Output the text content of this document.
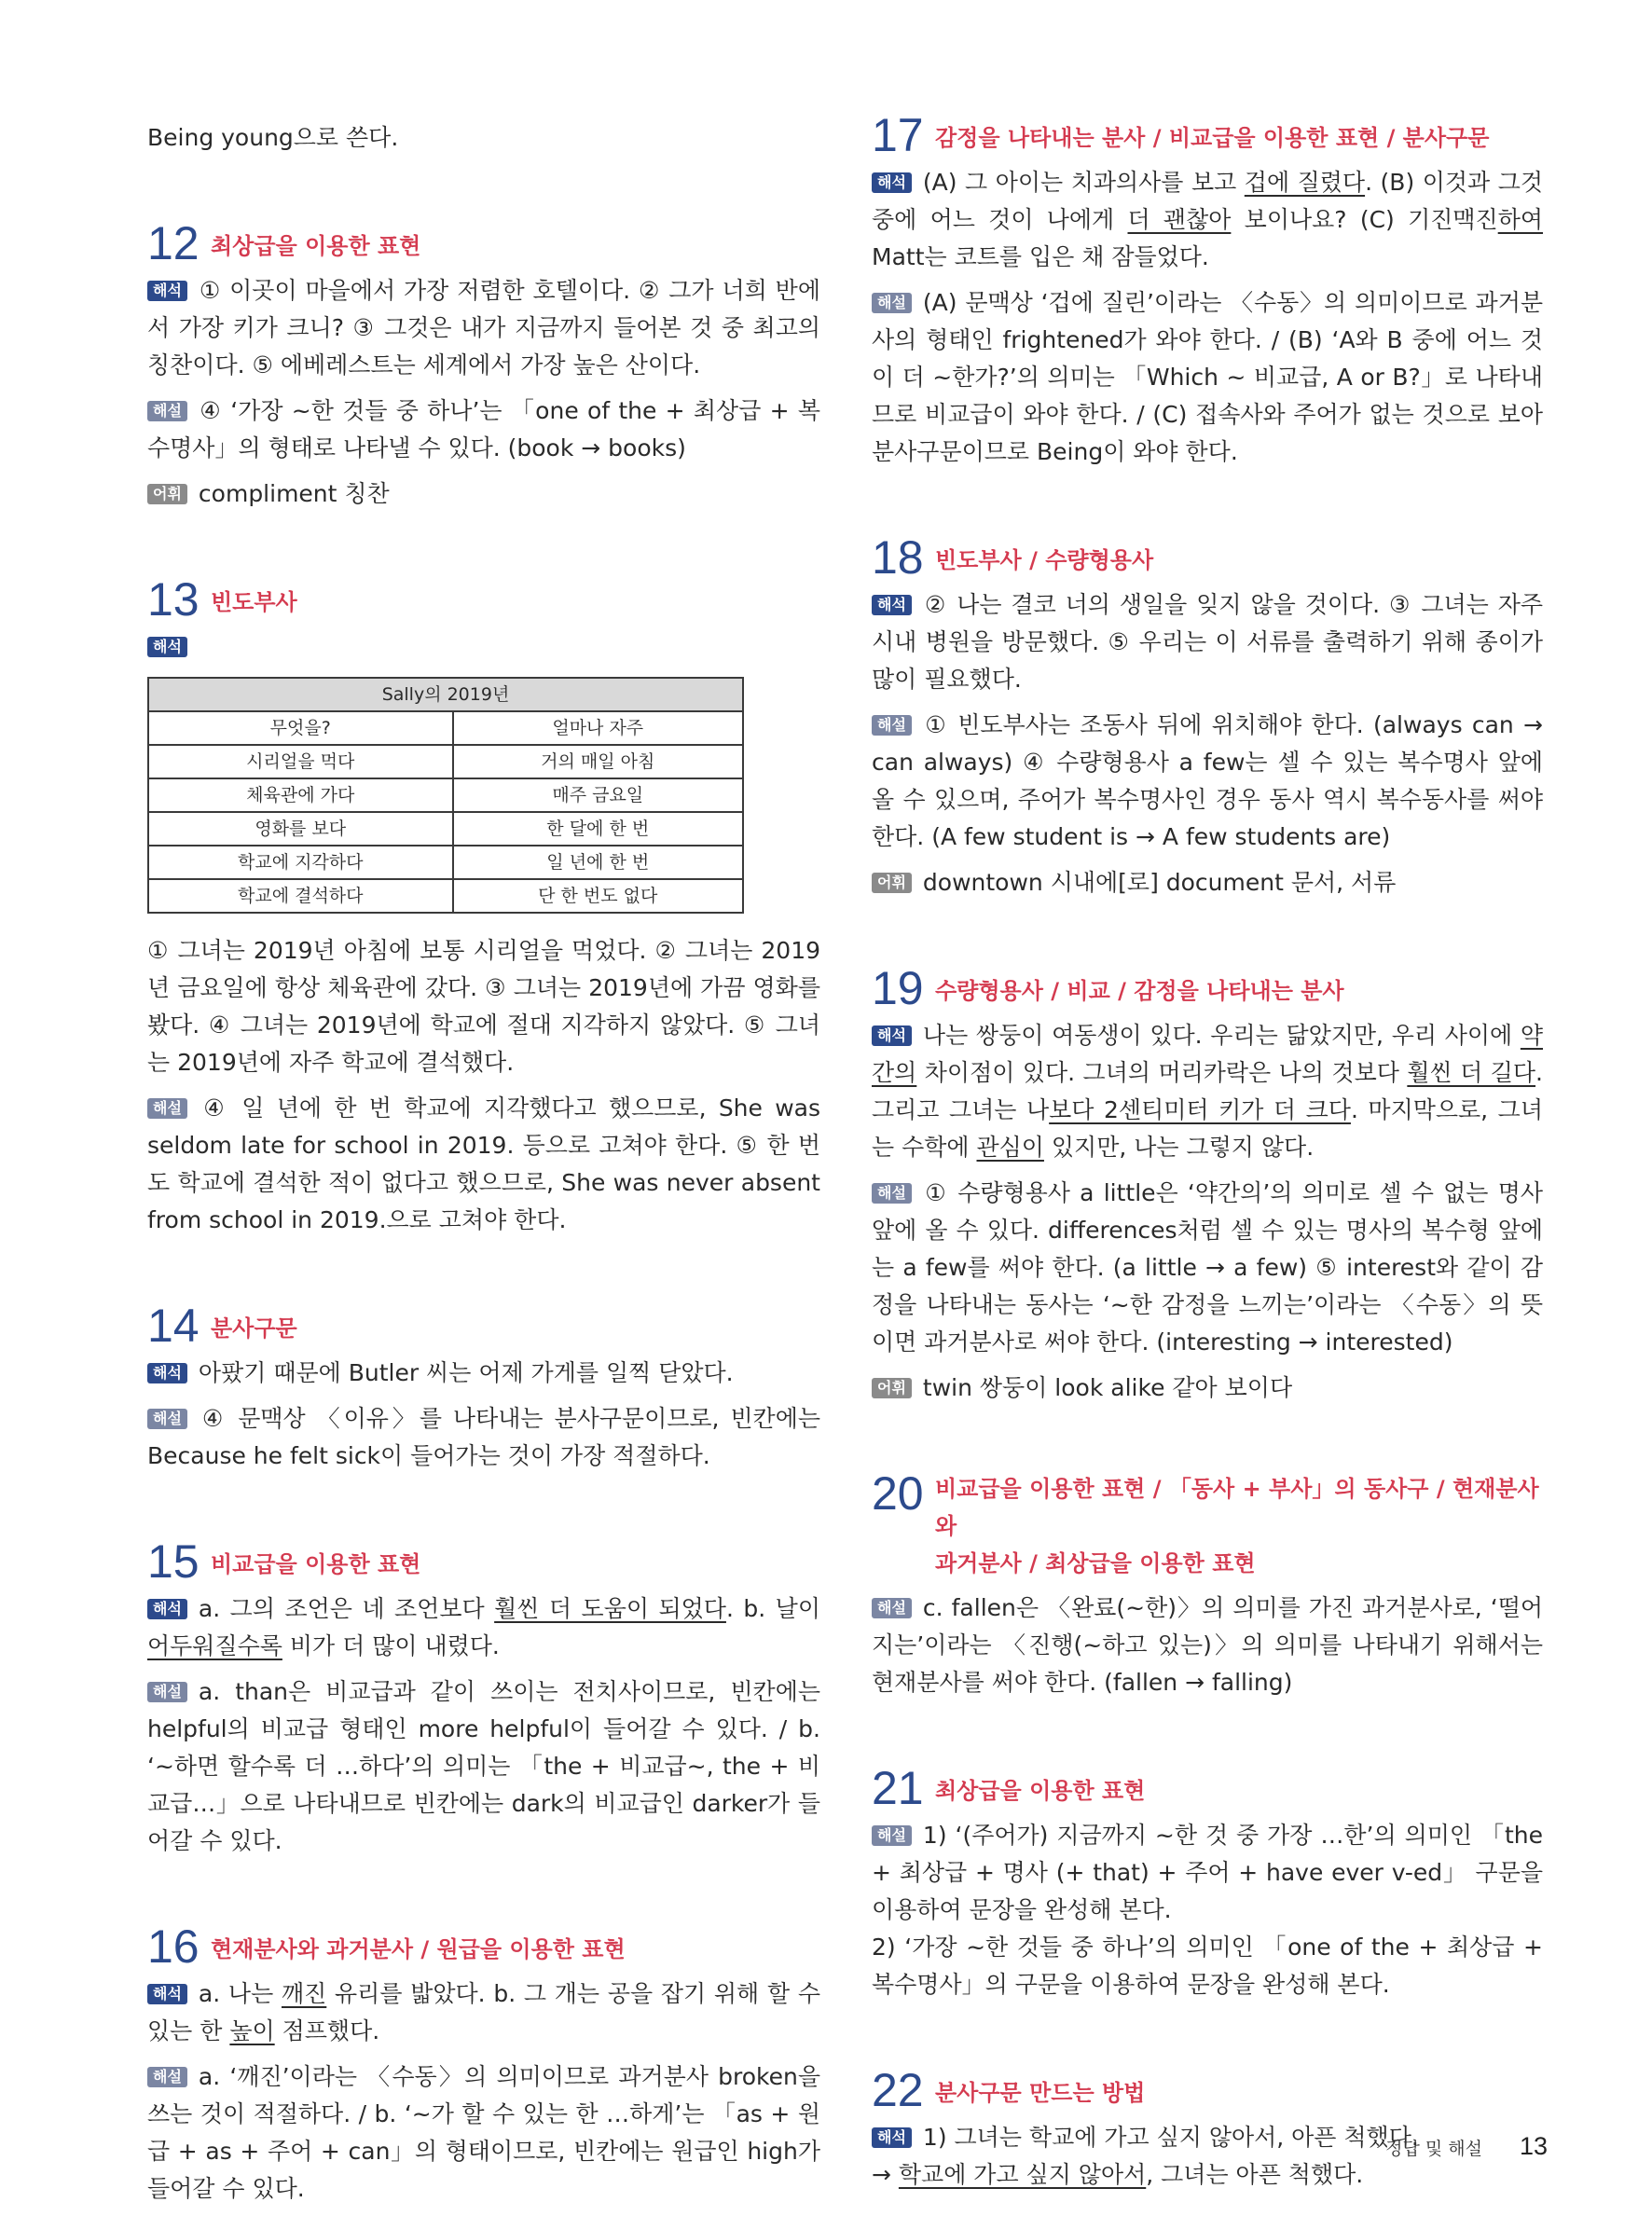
Being young으로 쓴다.

12 최상급을 이용한 표현

해석 ① 이곳이 마을에서 가장 저렴한 호텔이다. ② 그가 너희 반에서 가장 키가 크니? ③ 그것은 내가 지금까지 들어본 것 중 최고의 칭찬이다. ⑤ 에베레스트는 세계에서 가장 높은 산이다.

해설 ④ ‘가장 ~한 것들 중 하나’는 「one of the + 최상급 + 복수명사」의 형태로 나타낼 수 있다. (book → books)

어휘 compliment 칭찬

13 빈도부사

해석

Sally의 2019년	
무엇을?	얼마나 자주
시리얼을 먹다	거의 매일 아침
체육관에 가다	매주 금요일
영화를 보다	한 달에 한 번
학교에 지각하다	일 년에 한 번
학교에 결석하다	단 한 번도 없다

① 그녀는 2019년 아침에 보통 시리얼을 먹었다. ② 그녀는 2019년 금요일에 항상 체육관에 갔다. ③ 그녀는 2019년에 가끔 영화를 봤다. ④ 그녀는 2019년에 학교에 절대 지각하지 않았다. ⑤ 그녀는 2019년에 자주 학교에 결석했다.

해설 ④ 일 년에 한 번 학교에 지각했다고 했으므로, She was seldom late for school in 2019. 등으로 고쳐야 한다. ⑤ 한 번도 학교에 결석한 적이 없다고 했으므로, She was never absent from school in 2019.으로 고쳐야 한다.

14 분사구문

해석 아팠기 때문에 Butler 씨는 어제 가게를 일찍 닫았다.

해설 ④ 문맥상 〈이유〉를 나타내는 분사구문이므로, 빈칸에는 Because he felt sick이 들어가는 것이 가장 적절하다.

15 비교급을 이용한 표현

해석 a. 그의 조언은 네 조언보다 훨씬 더 도움이 되었다. b. 날이 어두워질수록 비가 더 많이 내렸다.

해설 a. than은 비교급과 같이 쓰이는 전치사이므로, 빈칸에는 helpful의 비교급 형태인 more helpful이 들어갈 수 있다. / b. ‘~하면 할수록 더 …하다’의 의미는 「the + 비교급~, the + 비교급…」으로 나타내므로 빈칸에는 dark의 비교급인 darker가 들어갈 수 있다.

16 현재분사와 과거분사 / 원급을 이용한 표현

해석 a. 나는 깨진 유리를 밟았다. b. 그 개는 공을 잡기 위해 할 수 있는 한 높이 점프했다.

해설 a. ‘깨진’이라는 〈수동〉의 의미이므로 과거분사 broken을 쓰는 것이 적절하다. / b. ‘~가 할 수 있는 한 …하게’는 「as + 원급 + as + 주어 + can」의 형태이므로, 빈칸에는 원급인 high가 들어갈 수 있다.

17 감정을 나타내는 분사 / 비교급을 이용한 표현 / 분사구문

해석 (A) 그 아이는 치과의사를 보고 겁에 질렸다. (B) 이것과 그것 중에 어느 것이 나에게 더 괜찮아 보이나요? (C) 기진맥진하여 Matt는 코트를 입은 채 잠들었다.

해설 (A) 문맥상 ‘겁에 질린’이라는 〈수동〉의 의미이므로 과거분사의 형태인 frightened가 와야 한다. / (B) ‘A와 B 중에 어느 것이 더 ~한가?’의 의미는 「Which ~ 비교급, A or B?」로 나타내므로 비교급이 와야 한다. / (C) 접속사와 주어가 없는 것으로 보아 분사구문이므로 Being이 와야 한다.

18 빈도부사 / 수량형용사

해석 ② 나는 결코 너의 생일을 잊지 않을 것이다. ③ 그녀는 자주 시내 병원을 방문했다. ⑤ 우리는 이 서류를 출력하기 위해 종이가 많이 필요했다.

해설 ① 빈도부사는 조동사 뒤에 위치해야 한다. (always can → can always) ④ 수량형용사 a few는 셀 수 있는 복수명사 앞에 올 수 있으며, 주어가 복수명사인 경우 동사 역시 복수동사를 써야 한다. (A few student is → A few students are)

어휘 downtown 시내에[로] document 문서, 서류

19 수량형용사 / 비교 / 감정을 나타내는 분사

해석 나는 쌍둥이 여동생이 있다. 우리는 닮았지만, 우리 사이에 약간의 차이점이 있다. 그녀의 머리카락은 나의 것보다 훨씬 더 길다. 그리고 그녀는 나보다 2센티미터 키가 더 크다. 마지막으로, 그녀는 수학에 관심이 있지만, 나는 그렇지 않다.

해설 ① 수량형용사 a little은 ‘약간의’의 의미로 셀 수 없는 명사 앞에 올 수 있다. differences처럼 셀 수 있는 명사의 복수형 앞에는 a few를 써야 한다. (a little → a few) ⑤ interest와 같이 감정을 나타내는 동사는 ‘~한 감정을 느끼는’이라는 〈수동〉의 뜻이면 과거분사로 써야 한다. (interesting → interested)

어휘 twin 쌍둥이 look alike 같아 보이다

20 비교급을 이용한 표현 / 「동사 + 부사」의 동사구 / 현재분사와
과거분사 / 최상급을 이용한 표현

해설 c. fallen은 〈완료(~한)〉의 의미를 가진 과거분사로, ‘떨어지는’이라는 〈진행(~하고 있는)〉의 의미를 나타내기 위해서는 현재분사를 써야 한다. (fallen → falling)

21 최상급을 이용한 표현

해설 1) ‘(주어가) 지금까지 ~한 것 중 가장 …한’의 의미인 「the + 최상급 + 명사 (+ that) + 주어 + have ever v-ed」 구문을 이용하여 문장을 완성해 본다.

2) ‘가장 ~한 것들 중 하나’의 의미인 「one of the + 최상급 + 복수명사」의 구문을 이용하여 문장을 완성해 본다.

22 분사구문 만드는 방법

해석 1) 그녀는 학교에 가고 싶지 않아서, 아픈 척했다.

→ 학교에 가고 싶지 않아서, 그녀는 아픈 척했다.

정답 및 해설 13
